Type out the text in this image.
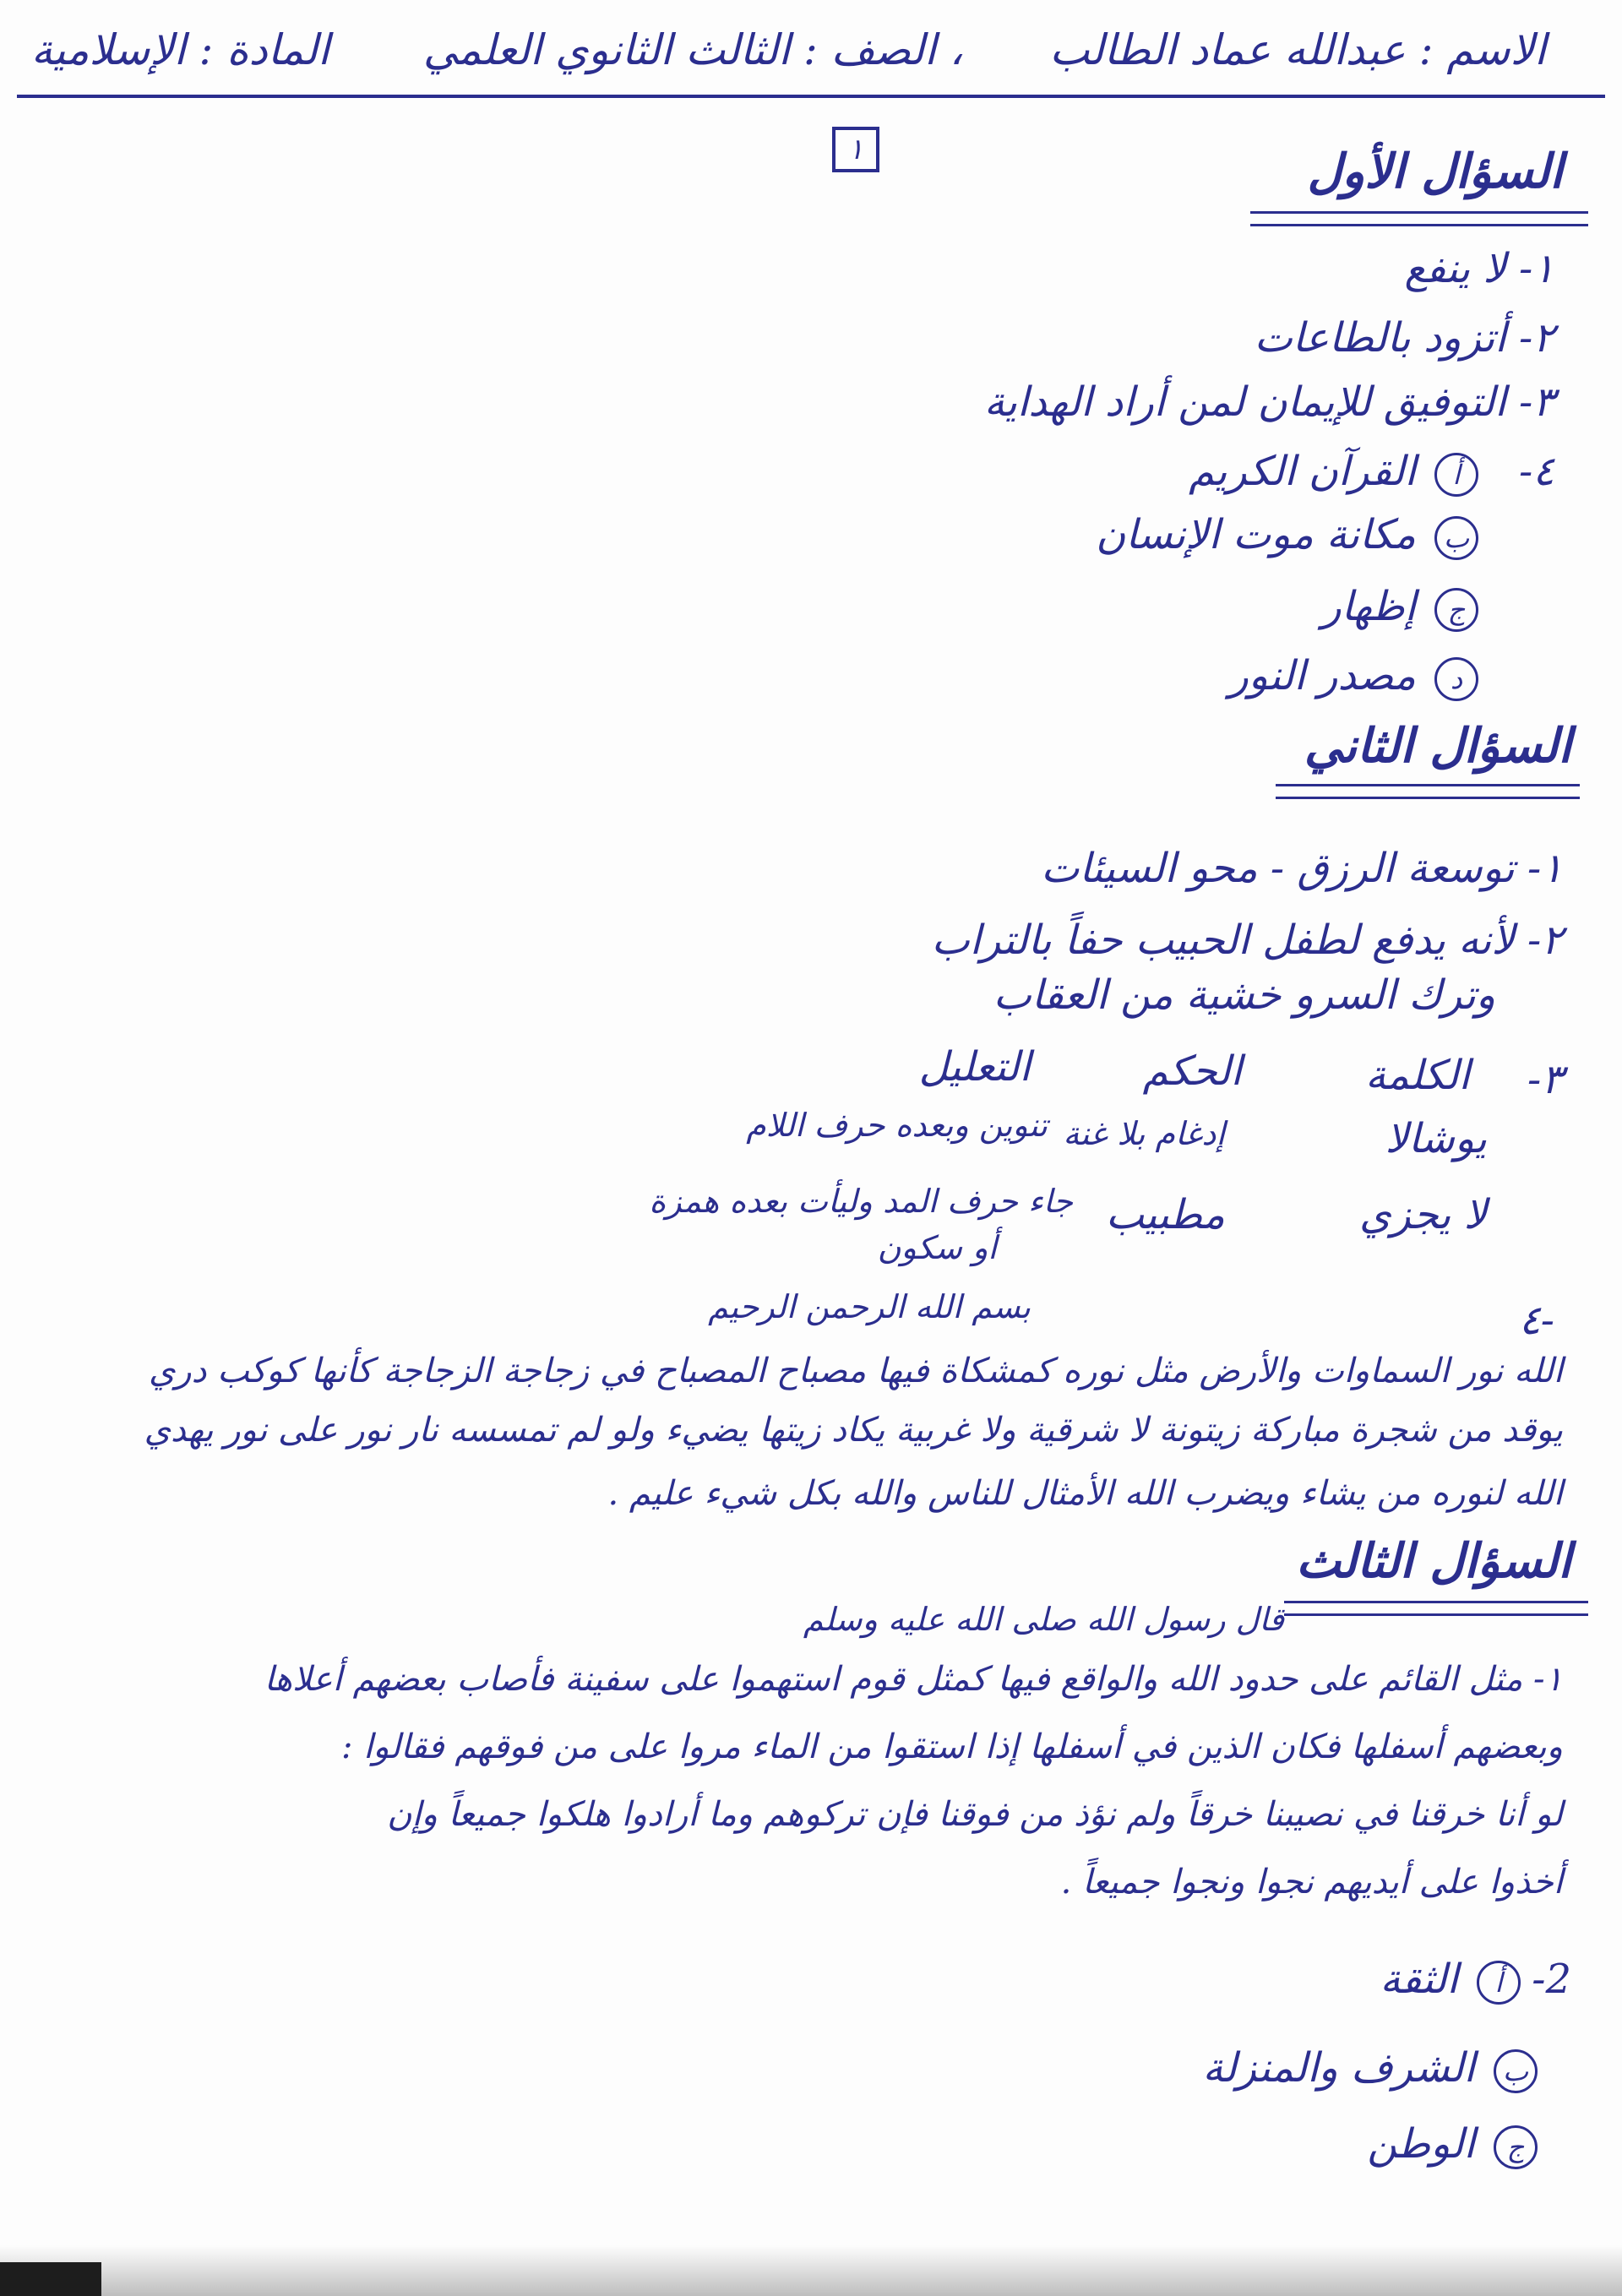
الاسم : عبدالله عماد الطالب
، الصف : الثالث الثانوي العلمي
المادة : الإسلامية
١	السؤال الأول
١- لا ينفع
٢- أتزود بالطاعات
٣- التوفيق للإيمان لمن أراد الهداية
٤-
أالقرآن الكريم
بمكانة موت الإنسان
جإظهار
دمصدر النور
السؤال الثاني
١- توسعة الرزق - محو السيئات
٢- لأنه يدفع لطفل الحبيب حفاً بالتراب
وترك السرو خشية من العقاب
٣-
الكلمة
الحكم
التعليل
يوشالا
إدغام بلا غنة
تنوين وبعده حرف اللام
لا يجزي
مطبيب
جاء حرف المد وليأت بعده همزة
أو سكون
-٤
بسم الله الرحمن الرحيم
الله نور السماوات والأرض مثل نوره كمشكاة فيها مصباح المصباح في زجاجة الزجاجة كأنها كوكب دري
يوقد من شجرة مباركة زيتونة لا شرقية ولا غربية يكاد زيتها يضيء ولو لم تمسسه نار نور على نور يهدي
الله لنوره من يشاء ويضرب الله الأمثال للناس والله بكل شيء عليم .
السؤال الثالث
قال رسول الله صلى الله عليه وسلم
١- مثل القائم على حدود الله والواقع فيها كمثل قوم استهموا على سفينة فأصاب بعضهم أعلاها
وبعضهم أسفلها فكان الذين في أسفلها إذا استقوا من الماء مروا على من فوقهم فقالوا :
لو أنا خرقنا في نصيبنا خرقاً ولم نؤذ من فوقنا فإن تركوهم وما أرادوا هلكوا جميعاً وإن
أخذوا على أيديهم نجوا ونجوا جميعاً .
2-
أالثقة
بالشرف والمنزلة
جالوطن
